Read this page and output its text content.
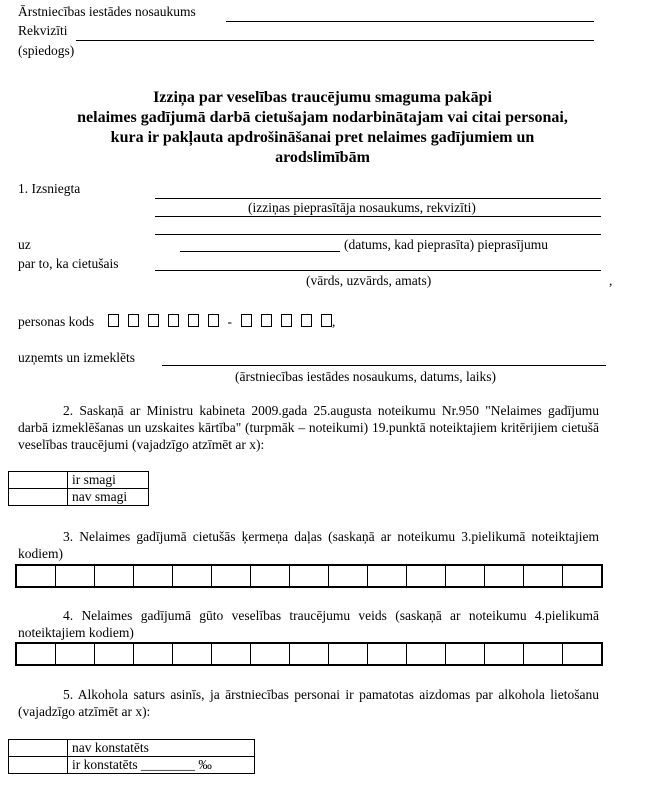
Ārstniecības iestādes nosaukums
Rekvizīti
(spiedogs)
Izziņa par veselības traucējumu smaguma pakāpi
nelaimes gadījumā darbā cietušajam nodarbinātajam vai citai personai,
kura ir pakļauta apdrošināšanai pret nelaimes gadījumiem un
arodslimībām
1. Izsniegta
(izziņas pieprasītāja nosaukums, rekvizīti)
uz	(datums, kad pieprasīta) pieprasījumu
par to, ka cietušais
(vārds, uzvārds, amats)	,
personas kods	-	,
uzņemts un izmeklēts
(ārstniecības iestādes nosaukums, datums, laiks)
2. Saskaņā ar Ministru kabineta 2009.gada 25.augusta noteikumu Nr.950 "Nelaimes gadījumu darbā izmeklēšanas un uzskaites kārtība" (turpmāk – noteikumi) 19.punktā noteiktajiem kritērijiem cietušā veselības traucējumi (vajadzīgo atzīmēt ar x):
	ir smagi
	nav smagi
3. Nelaimes gadījumā cietušās ķermeņa daļas (saskaņā ar noteikumu 3.pielikumā noteiktajiem kodiem)

4. Nelaimes gadījumā gūto veselības traucējumu veids (saskaņā ar noteikumu 4.pielikumā noteiktajiem kodiem)

5. Alkohola saturs asinīs, ja ārstniecības personai ir pamatotas aizdomas par alkohola lietošanu (vajadzīgo atzīmēt ar x):
	nav konstatēts
	ir konstatēts ________ ‰
